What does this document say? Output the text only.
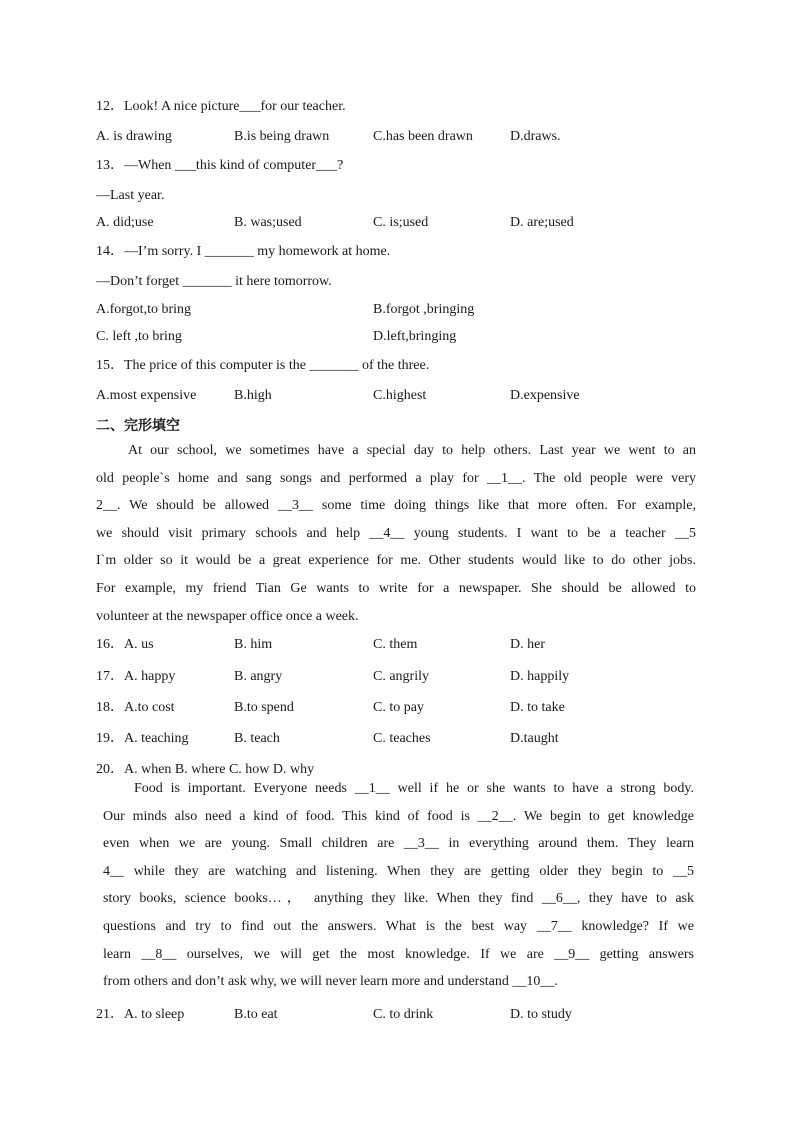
12．Look! A nice picture___for our teacher.
A. is drawing	B.is being drawn	C.has been drawn	D.draws.
13．—When ___this kind of computer___?
—Last year.
A. did;use	B. was;used	C. is;used	D. are;used
14．—I’m sorry. I _______ my homework at home.
—Don’t forget _______ it here tomorrow.
A.forgot,to bring	B.forgot ,bringing
C. left ,to bring	D.left,bringing
15．The price of this computer is the _______ of the three.
A.most expensive	B.high	C.highest	D.expensive
二、完形填空
At our school, we sometimes have a special day to help others. Last year we went to an
old people`s home and sang songs and performed a play for __1__. The old people were very
2__. We should be allowed __3__ some time doing things like that more often. For example,
we should visit primary schools and help __4__ young students. I want to be a teacher __5
I`m older so it would be a great experience for me. Other students would like to do other jobs.
For example, my friend Tian Ge wants to write for a newspaper. She should be allowed to
volunteer at the newspaper office once a week.
16．A. us	B. him	C. them	D. her
17．A. happy	B. angry	C. angrily	D. happily
18．A.to cost	B.to spend	C. to pay	D. to take
19．A. teaching	B. teach	C. teaches	D.taught
20．A. when B. where C. how D. why
Food is important. Everyone needs __1__ well if he or she wants to have a strong body.
Our minds also need a kind of food. This kind of food is __2__. We begin to get knowledge
even when we are young. Small children are __3__ in everything around them. They learn
4__ while they are watching and listening. When they are getting older they begin to __5
story books, science books…， anything they like. When they find __6__, they have to ask
questions and try to find out the answers. What is the best way __7__ knowledge? If we
learn __8__ ourselves, we will get the most knowledge. If we are __9__ getting answers
from others and don’t ask why, we will never learn more and understand __10__.
21．A. to sleep	B.to eat	C. to drink	D. to study
